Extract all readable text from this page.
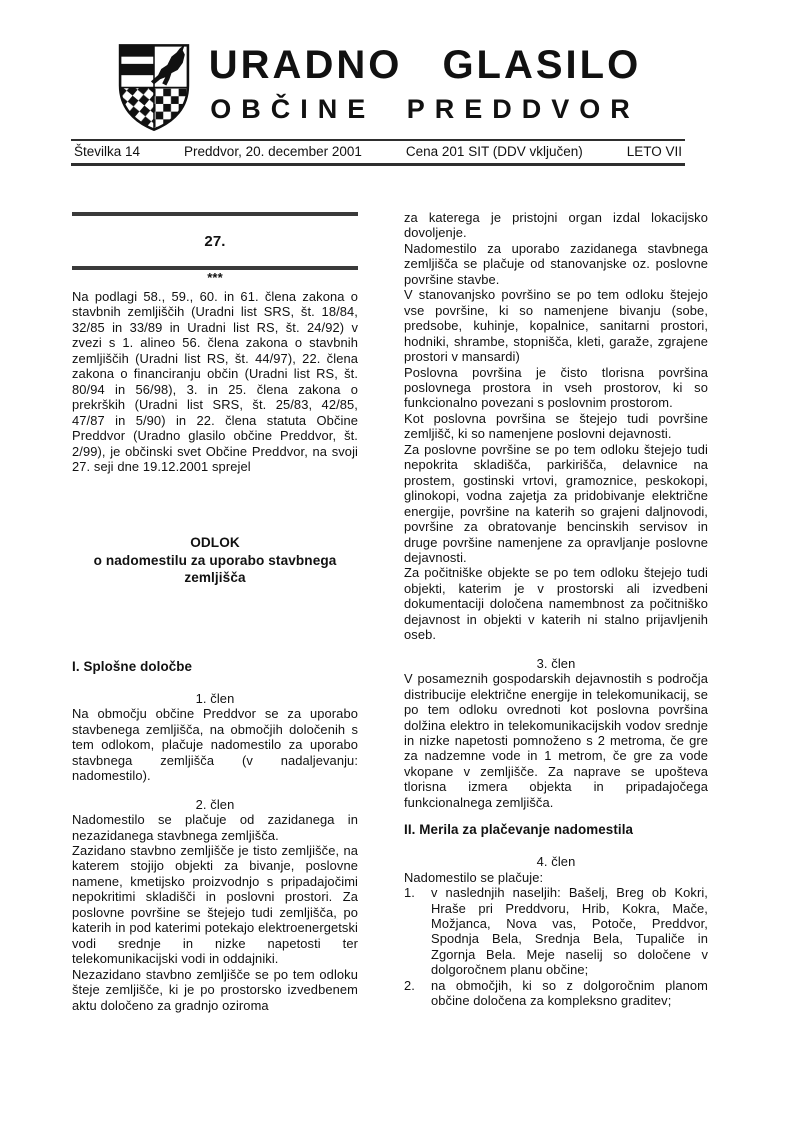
URADNO GLASILO
OBČINE PREDDVOR
Številka 14	Preddvor, 20. december 2001	Cena 201 SIT (DDV vključen)	LETO VII
27.
***

Na podlagi 58., 59., 60. in 61. člena zakona o stavbnih zemljiščih (Uradni list SRS, št. 18/84, 32/85 in 33/89 in Uradni list RS, št. 24/92) v zvezi s 1. alineo 56. člena zakona o stavbnih zemljiščih (Uradni list RS, št. 44/97), 22. člena zakona o financiranju občin (Uradni list RS, št. 80/94 in 56/98), 3. in 25. člena zakona o prekrških (Uradni list SRS, št. 25/83, 42/85, 47/87 in 5/90) in 22. člena statuta Občine Preddvor (Uradno glasilo občine Preddvor, št. 2/99), je občinski svet Občine Preddvor, na svoji 27. seji dne 19.12.2001 sprejel

ODLOK
o nadomestilu za uporabo stavbnega
zemljišča
I. Splošne določbe
1. člen

Na območju občine Preddvor se za uporabo stavbenega zemljišča, na območjih določenih s tem odlokom, plačuje nadomestilo za uporabo stavbnega zemljišča (v nadaljevanju: nadomestilo).

2. člen

Nadomestilo se plačuje od zazidanega in nezazidanega stavbnega zemljišča.

Zazidano stavbno zemljišče je tisto zemljišče, na katerem stojijo objekti za bivanje, poslovne namene, kmetijsko proizvodnjo s pripadajočimi nepokritimi skladišči in poslovni prostori. Za poslovne površine se štejejo tudi zemljišča, po katerih in pod katerimi potekajo elektroenergetski vodi srednje in nizke napetosti ter telekomunikacijski vodi in oddajniki.

Nezazidano stavbno zemljišče se po tem odloku šteje zemljišče, ki je po prostorsko izvedbenem aktu določeno za gradnjo oziroma

za katerega je pristojni organ izdal lokacijsko dovoljenje.

Nadomestilo za uporabo zazidanega stavbnega zemljišča se plačuje od stanovanjske oz. poslovne površine stavbe.

V stanovanjsko površino se po tem odloku štejejo vse površine, ki so namenjene bivanju (sobe, predsobe, kuhinje, kopalnice, sanitarni prostori, hodniki, shrambe, stopnišča, kleti, garaže, zgrajene prostori v mansardi)

Poslovna površina je čisto tlorisna površina poslovnega prostora in vseh prostorov, ki so funkcionalno povezani s poslovnim prostorom.

Kot poslovna površina se štejejo tudi površine zemljišč, ki so namenjene poslovni dejavnosti.

Za poslovne površine se po tem odloku štejejo tudi nepokrita skladišča, parkirišča, delavnice na prostem, gostinski vrtovi, gramoznice, peskokopi, glinokopi, vodna zajetja za pridobivanje električne energije, površine na katerih so grajeni daljnovodi, površine za obratovanje bencinskih servisov in druge površine namenjene za opravljanje poslovne dejavnosti.

Za počitniške objekte se po tem odloku štejejo tudi objekti, katerim je v prostorski ali izvedbeni dokumentaciji določena namembnost za počitniško dejavnost in objekti v katerih ni stalno prijavljenih oseb.

3. člen

V posameznih gospodarskih dejavnostih s področja distribucije električne energije in telekomunikacij, se po tem odloku ovrednoti kot poslovna površina dolžina elektro in telekomunikacijskih vodov srednje in nizke napetosti pomnoženo s 2 metroma, če gre za nadzemne vode in 1 metrom, če gre za vode vkopane v zemljišče. Za naprave se upošteva tlorisna izmera objekta in pripadajočega funkcionalnega zemljišča.

II. Merila za plačevanje nadomestila
4. člen

Nadomestilo se plačuje:

1.	v naslednjih naseljih: Bašelj, Breg ob Kokri, Hraše pri Preddvoru, Hrib, Kokra, Mače, Možjanca, Nova vas, Potoče, Preddvor, Spodnja Bela, Srednja Bela, Tupaliče in Zgornja Bela. Meje naselij so določene v dolgoročnem planu občine;
2.	na območjih, ki so z dolgoročnim planom občine določena za kompleksno graditev;
